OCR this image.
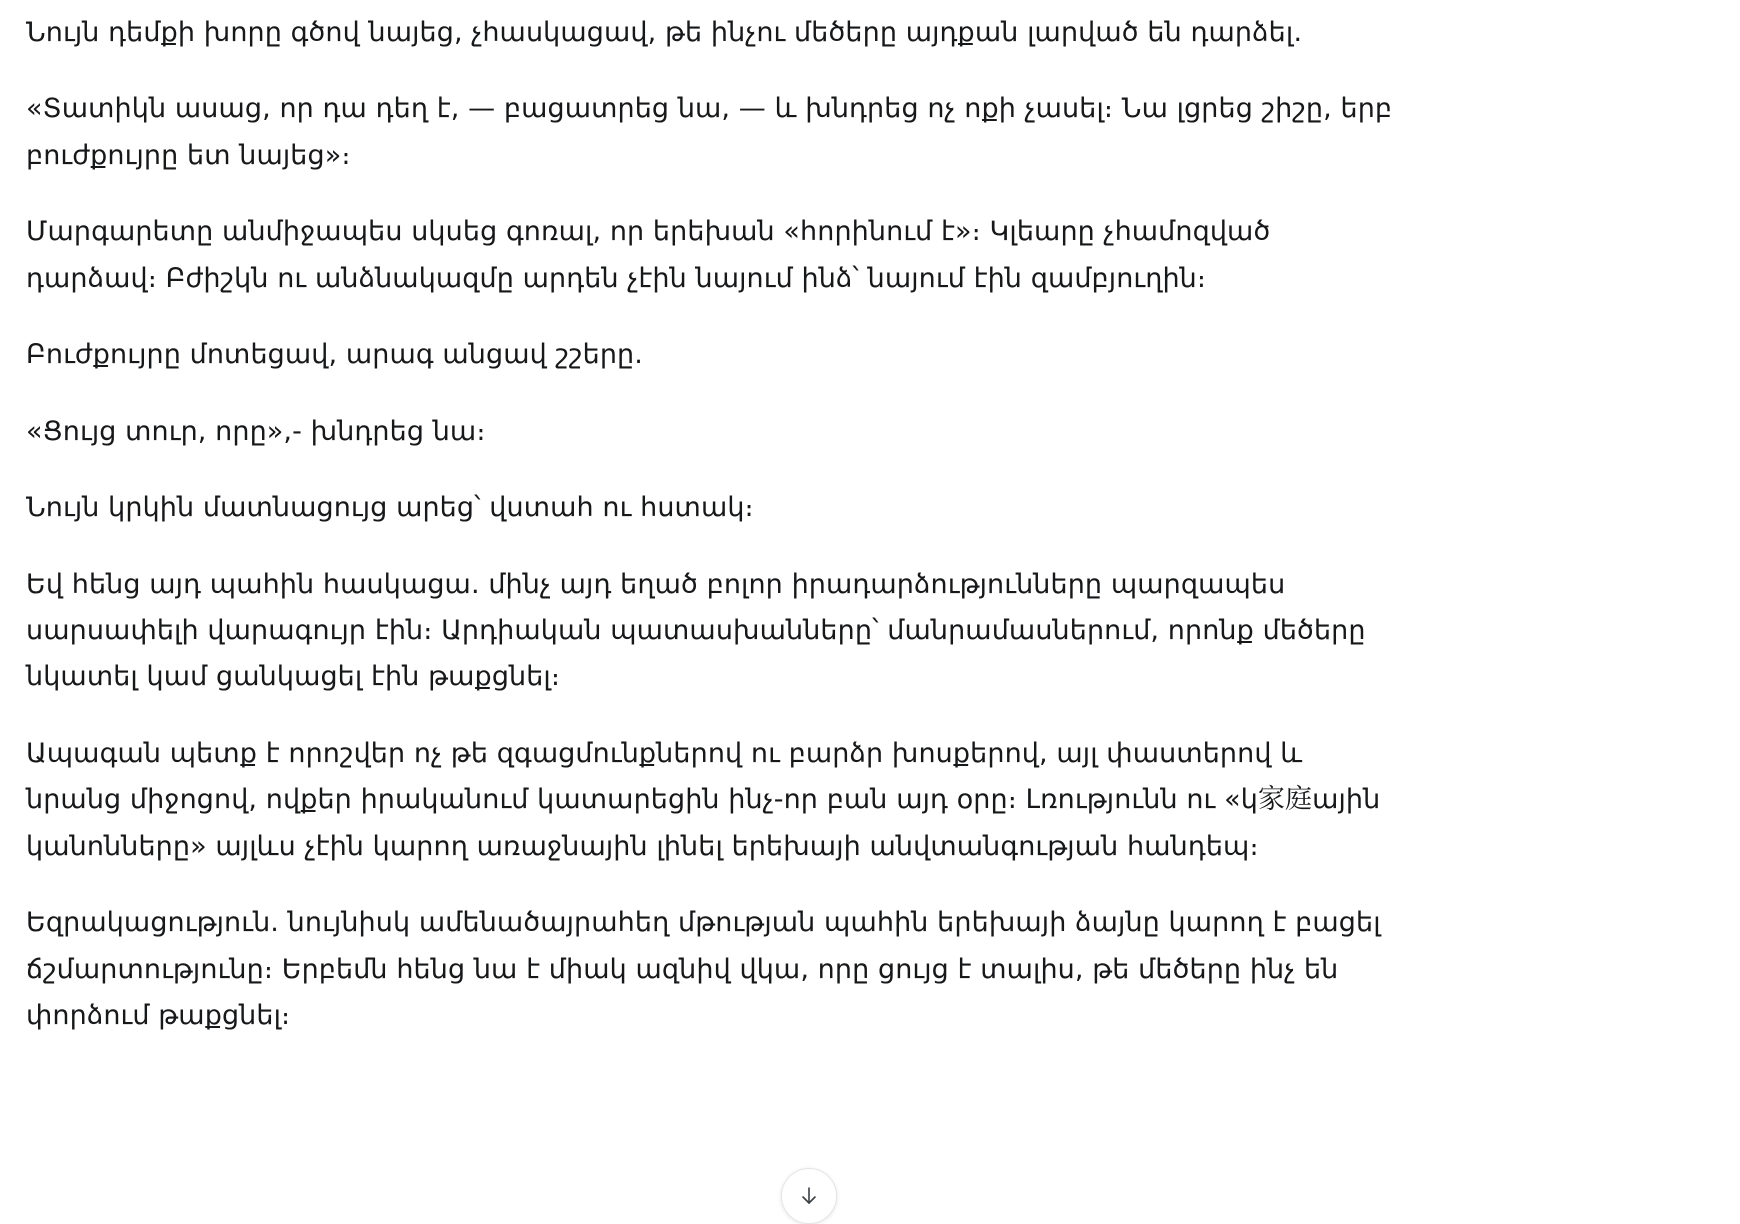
Նույն դեմքի խորը գծով նայեց, չհասկացավ, թե ինչու մեծերը այդքան լարված են դարձել․

«Տատիկն ասաց, որ դա դեղ է, — բացատրեց նա, — և խնդրեց ոչ ոքի չասել։ Նա լցրեց շիշը, երբ բուժքույրը ետ նայեց»։

Մարգարետը անմիջապես սկսեց գոռալ, որ երեխան «հորինում է»։ Կլեարը չհամոզված դարձավ։ Բժիշկն ու անձնակազմը արդեն չէին նայում ինձ՝ նայում էին զամբյուղին։

Բուժքույրը մոտեցավ, արագ անցավ շշերը.

«Ցույց տուր, որը»,- խնդրեց նա։

Նույն կրկին մատնացույց արեց՝ վստահ ու հստակ։

Եվ հենց այդ պահին հասկացա. մինչ այդ եղած բոլոր իրադարձությունները պարզապես սարսափելի վարագույր էին։ Արդիական պատասխանները՝ մանրամասներում, որոնք մեծերը նկատել կամ ցանկացել էին թաքցնել։

Ապագան պետք է որոշվեր ոչ թե զգացմունքներով ու բարձր խոսքերով, այլ փաստերով և նրանց միջոցով, ովքեր իրականում կատարեցին ինչ-որ բան այդ օրը։ Լռությունն ու «կ家庭ային կանոնները» այլևս չէին կարող առաջնային լինել երեխայի անվտանգության հանդեպ։

Եզրակացություն. նույնիսկ ամենածայրահեղ մթության պահին երեխայի ձայնը կարող է բացել ճշմարտությունը։ Երբեմն հենց նա է միակ ազնիվ վկա, որը ցույց է տալիս, թե մեծերը ինչ են փորձում թաքցնել։
